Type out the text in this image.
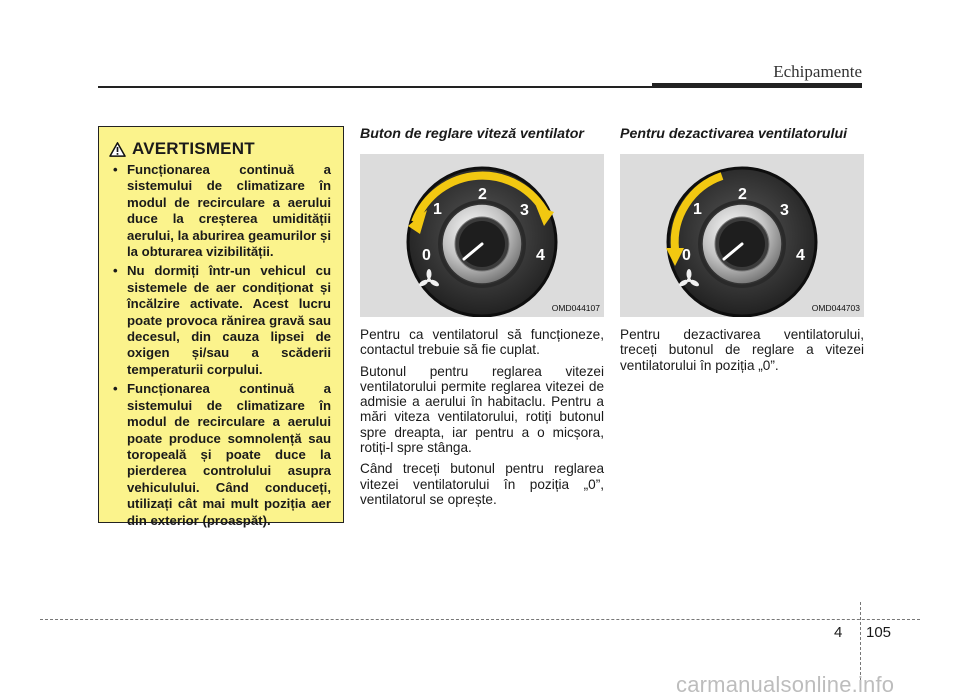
Echipamente
AVERTISMENT
• Funcționarea continuă a sistemului de climatizare în modul de recirculare a aerului duce la creșterea umidității aerului, la aburirea geamurilor și la obturarea vizibilității.
• Nu dormiți într-un vehicul cu sistemele de aer condiționat și încălzire activate. Acest lucru poate provoca rănirea gravă sau decesul, din cauza lipsei de oxigen și/sau a scăderii temperaturii corpului.
• Funcționarea continuă a sistemului de climatizare în modul de recirculare a aerului poate produce somnolență sau toropeală și poate duce la pierderea controlului asupra vehiculului. Când conduceți, utilizați cât mai mult poziția aer din exterior (proaspăt).
Buton de reglare viteză ventilator
0
1
2
3
4
OMD044107

Pentru ca ventilatorul să funcționeze, contactul trebuie să fie cuplat.

Butonul pentru reglarea vitezei ventilatorului permite reglarea vitezei de admisie a aerului în habitaclu. Pentru a mări viteza ventilatorului, rotiți butonul spre dreapta, iar pentru a o micșora, rotiți-l spre stânga.

Când treceți butonul pentru reglarea vitezei ventilatorului în poziția „0”, ventilatorul se oprește.

Pentru dezactivarea ventilatorului
0
1
2
3
4
OMD044703

Pentru dezactivarea ventilatorului, treceți butonul de reglare a vitezei ventilatorului în poziția „0”.

4 105
carmanualsonline.info
